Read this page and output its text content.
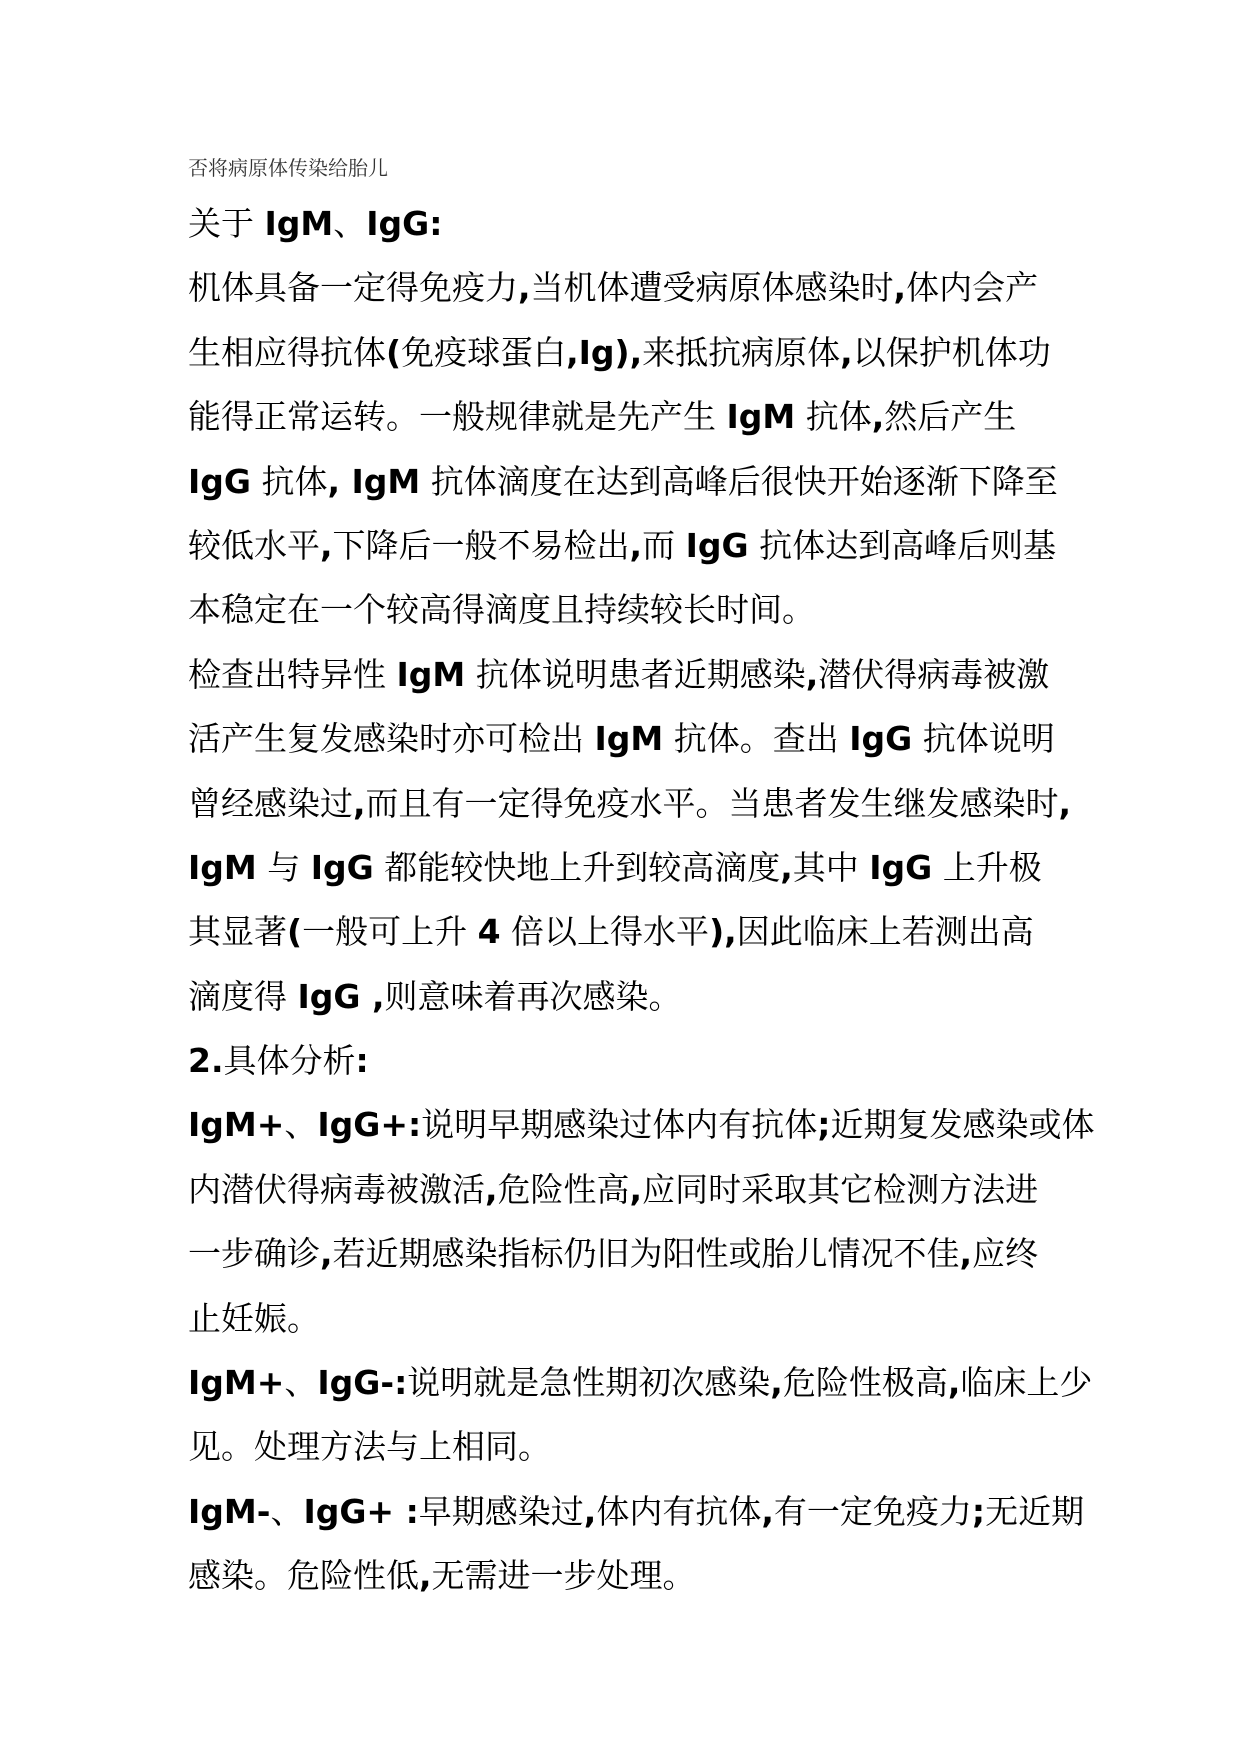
否将病原体传染给胎儿
关于 IgM、IgG:
机体具备一定得免疫力,当机体遭受病原体感染时,体内会产
生相应得抗体(免疫球蛋白,Ig),来抵抗病原体,以保护机体功
能得正常运转。一般规律就是先产生 IgM 抗体,然后产生
IgG 抗体, IgM 抗体滴度在达到高峰后很快开始逐渐下降至
较低水平,下降后一般不易检出,而 IgG 抗体达到高峰后则基
本稳定在一个较高得滴度且持续较长时间。
检查出特异性 IgM 抗体说明患者近期感染,潜伏得病毒被激
活产生复发感染时亦可检出 IgM 抗体。查出 IgG 抗体说明
曾经感染过,而且有一定得免疫水平。当患者发生继发感染时,
IgM 与 IgG 都能较快地上升到较高滴度,其中 IgG 上升极
其显著(一般可上升 4 倍以上得水平),因此临床上若测出高
滴度得 IgG ,则意味着再次感染。
2.具体分析:
IgM+、IgG+:说明早期感染过体内有抗体;近期复发感染或体
内潜伏得病毒被激活,危险性高,应同时采取其它检测方法进
一步确诊,若近期感染指标仍旧为阳性或胎儿情况不佳,应终
止妊娠。
IgM+、IgG-:说明就是急性期初次感染,危险性极高,临床上少
见。处理方法与上相同。
IgM-、IgG+ :早期感染过,体内有抗体,有一定免疫力;无近期
感染。危险性低,无需进一步处理。
